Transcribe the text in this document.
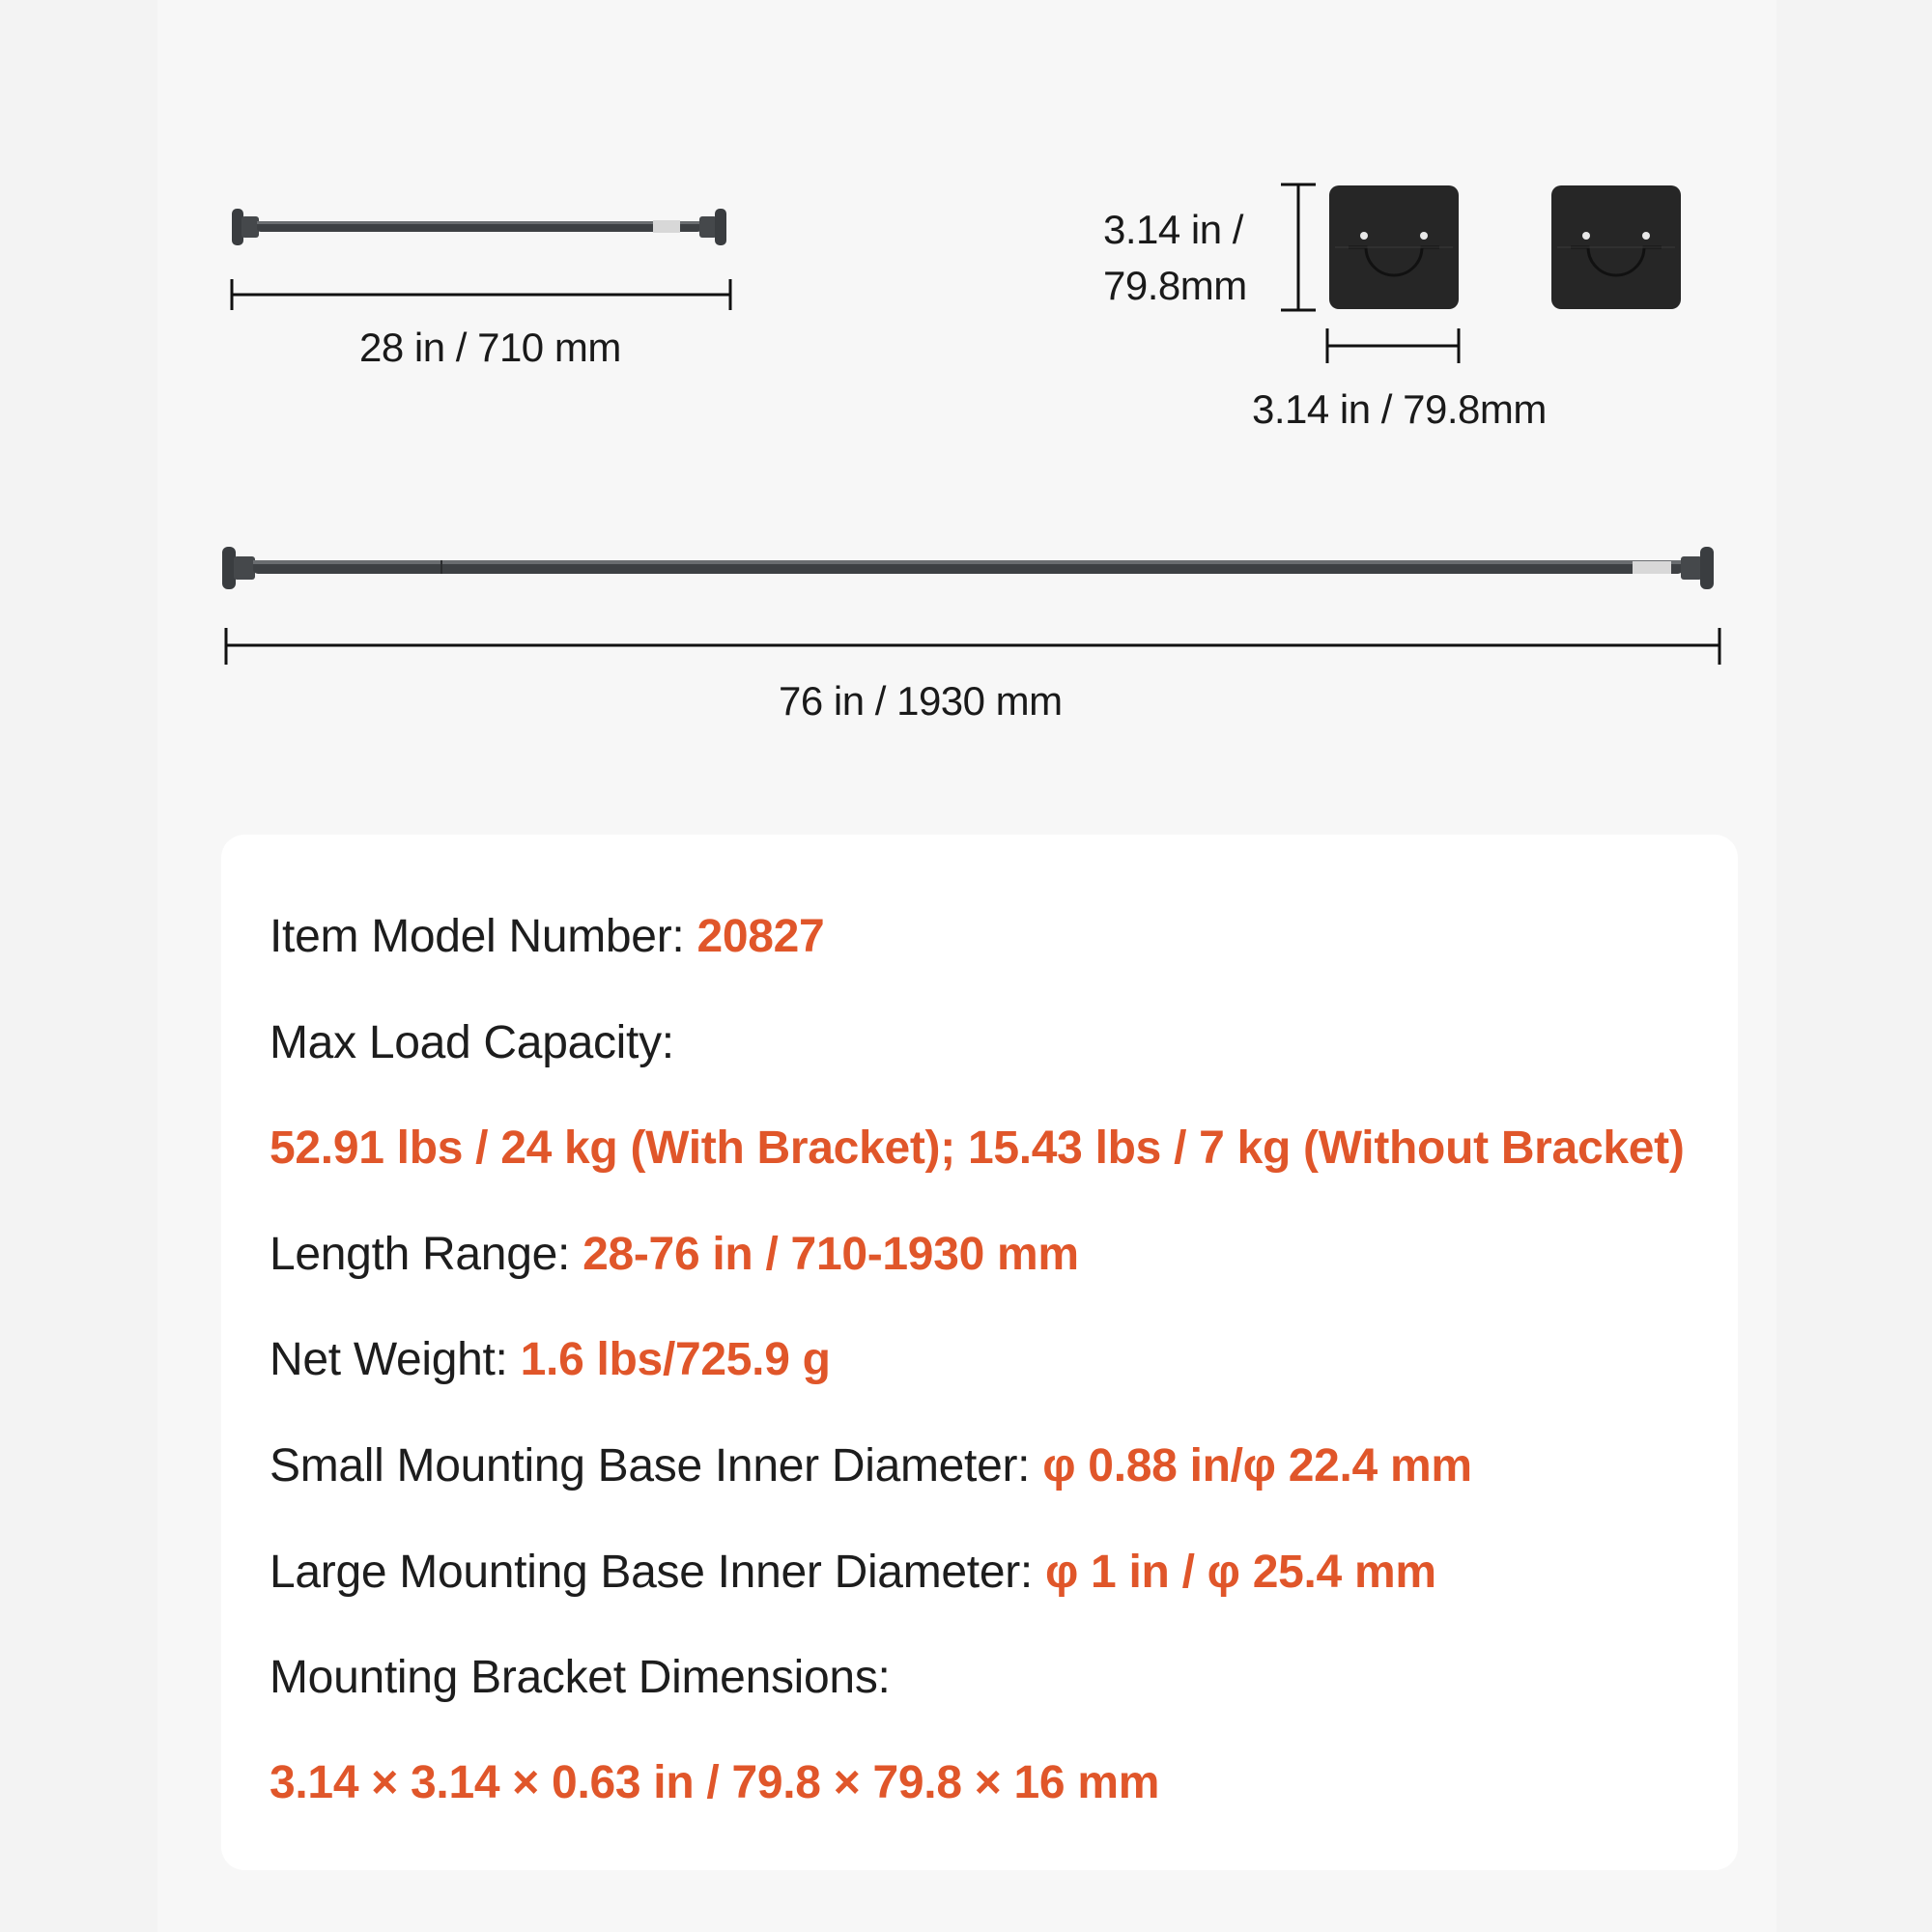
28 in / 710 mm
3.14 in /
79.8mm
3.14 in / 79.8mm
76 in / 1930 mm
Item Model Number: 20827
Max Load Capacity:
52.91 lbs / 24 kg (With Bracket); 15.43 lbs / 7 kg (Without Bracket)
Length Range: 28-76 in / 710-1930 mm
Net Weight: 1.6 lbs/725.9 g
Small Mounting Base Inner Diameter: φ 0.88 in/φ 22.4 mm
Large Mounting Base Inner Diameter: φ 1 in / φ 25.4 mm
Mounting Bracket Dimensions:
3.14 × 3.14 × 0.63 in / 79.8 × 79.8 × 16 mm
